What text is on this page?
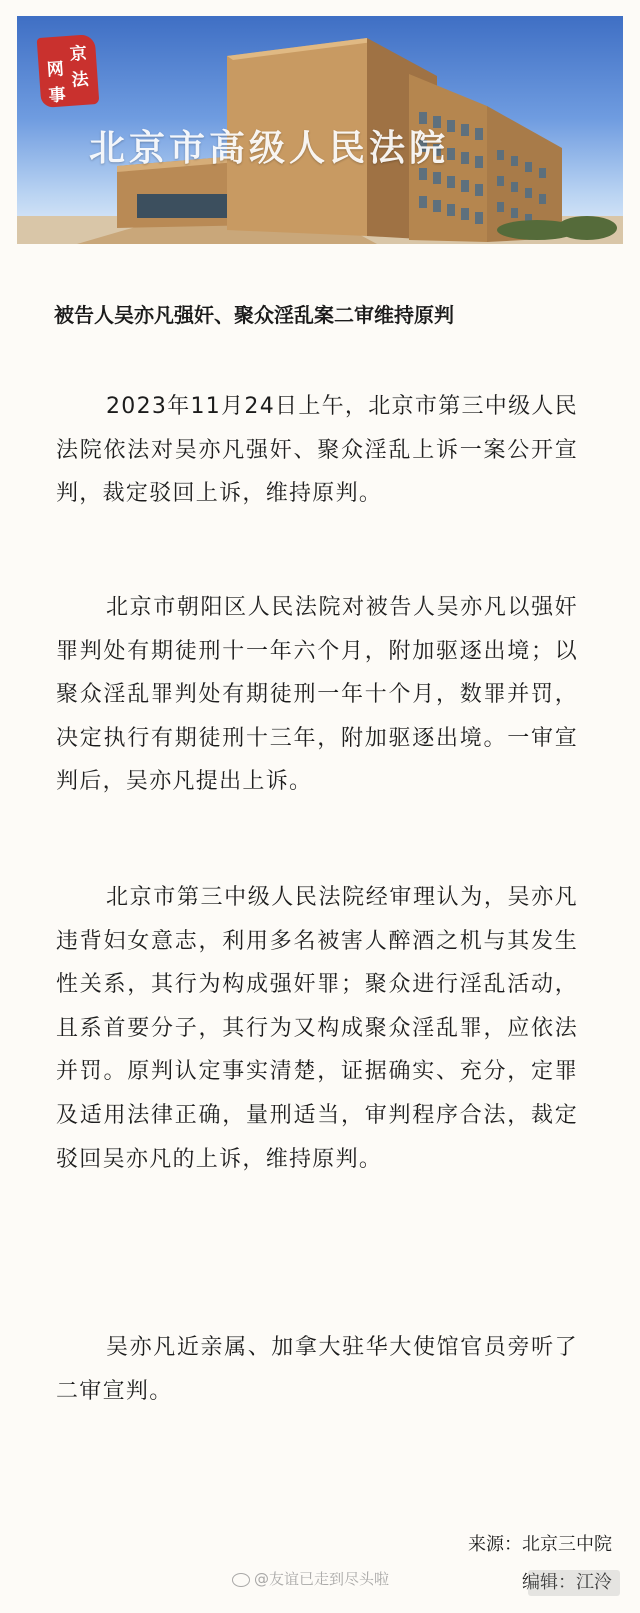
京
法
网
事
北京市高级人民法院
被告人吴亦凡强奸、聚众淫乱案二审维持原判

2023年11月24日上午，北京市第三中级人民法院依法对吴亦凡强奸、聚众淫乱上诉一案公开宣判，裁定驳回上诉，维持原判。

北京市朝阳区人民法院对被告人吴亦凡以强奸罪判处有期徒刑十一年六个月，附加驱逐出境；以聚众淫乱罪判处有期徒刑一年十个月，数罪并罚，决定执行有期徒刑十三年，附加驱逐出境。一审宣判后，吴亦凡提出上诉。

北京市第三中级人民法院经审理认为，吴亦凡违背妇女意志，利用多名被害人醉酒之机与其发生性关系，其行为构成强奸罪；聚众进行淫乱活动，且系首要分子，其行为又构成聚众淫乱罪，应依法并罚。原判认定事实清楚，证据确实、充分，定罪及适用法律正确，量刑适当，审判程序合法，裁定驳回吴亦凡的上诉，维持原判。

吴亦凡近亲属、加拿大驻华大使馆官员旁听了二审宣判。

来源：北京三中院
编辑：江泠
@友谊已走到尽头啦
